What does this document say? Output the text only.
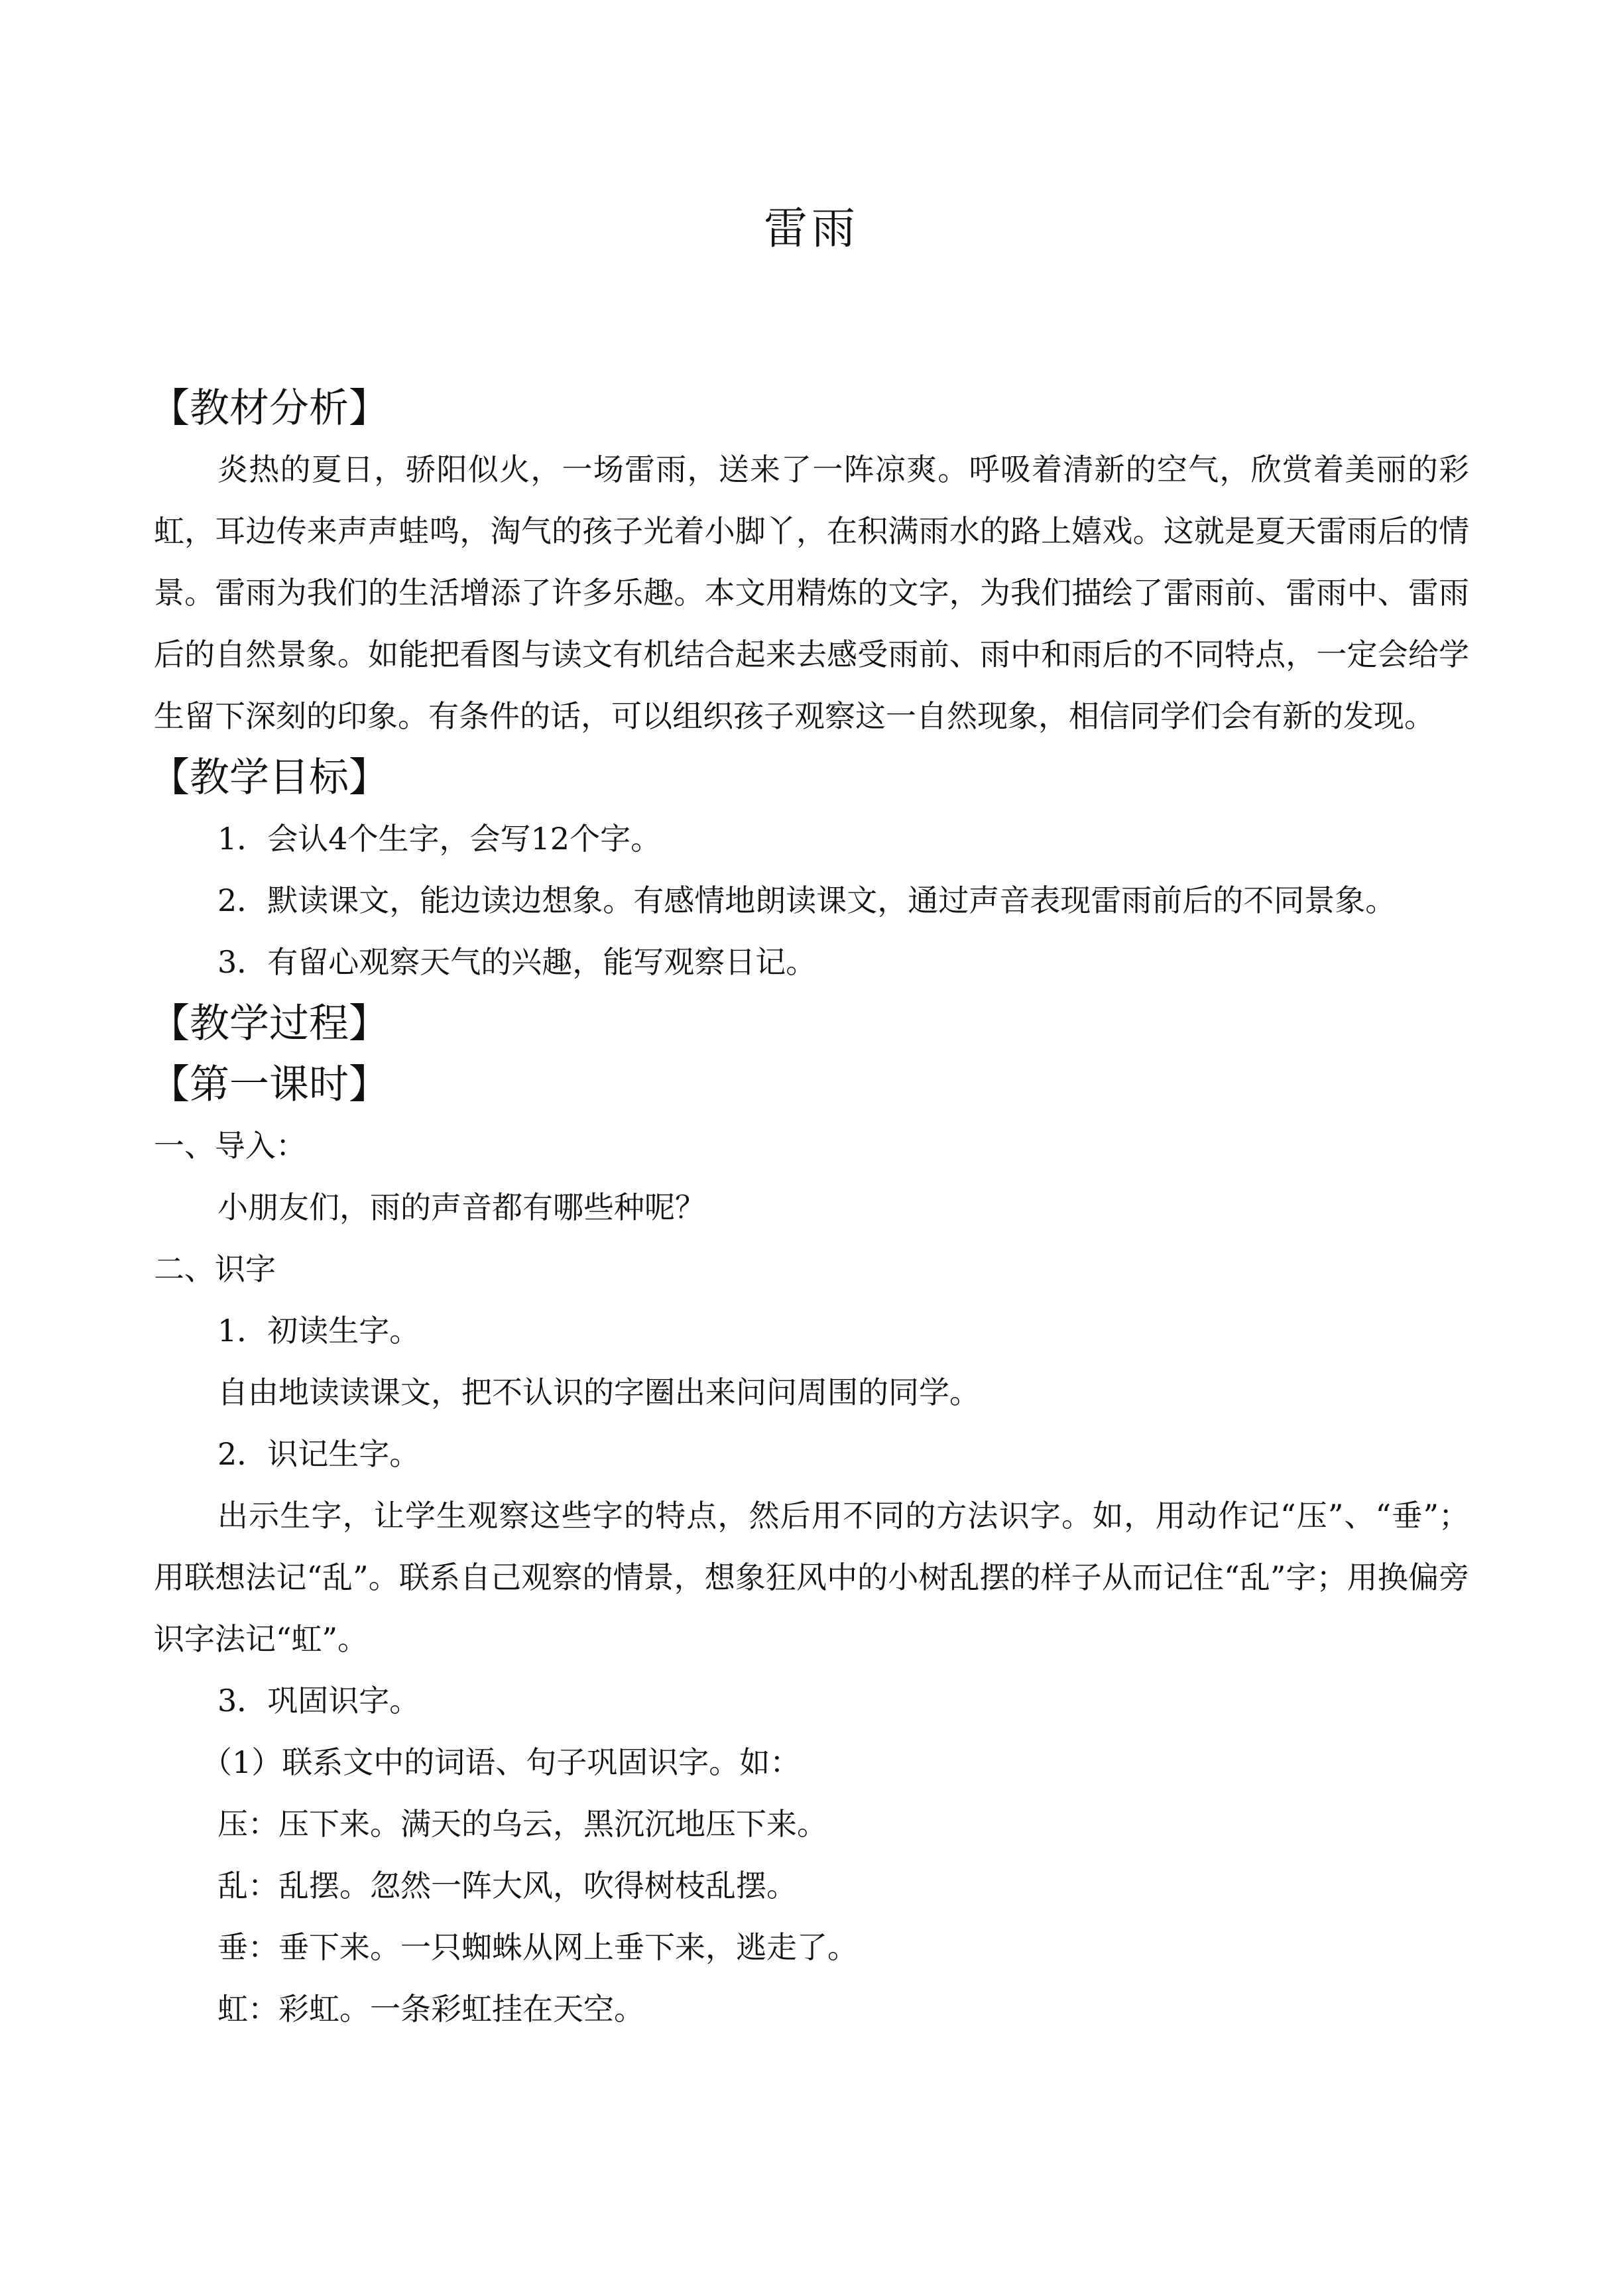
雷雨

【教材分析】

炎热的夏日，骄阳似火，一场雷雨，送来了一阵凉爽。呼吸着清新的空气，欣赏着美丽的彩虹，耳边传来声声蛙鸣，淘气的孩子光着小脚丫，在积满雨水的路上嬉戏。这就是夏天雷雨后的情景。雷雨为我们的生活增添了许多乐趣。本文用精炼的文字，为我们描绘了雷雨前、雷雨中、雷雨后的自然景象。如能把看图与读文有机结合起来去感受雨前、雨中和雨后的不同特点，一定会给学生留下深刻的印象。有条件的话，可以组织孩子观察这一自然现象，相信同学们会有新的发现。

【教学目标】

1．会认4个生字，会写12个字。

2．默读课文，能边读边想象。有感情地朗读课文，通过声音表现雷雨前后的不同景象。

3．有留心观察天气的兴趣，能写观察日记。

【教学过程】

【第一课时】

一、导入：

小朋友们，雨的声音都有哪些种呢？

二、识字

1．初读生字。

自由地读读课文，把不认识的字圈出来问问周围的同学。

2．识记生字。

出示生字，让学生观察这些字的特点，然后用不同的方法识字。如，用动作记“压”、“垂”；用联想法记“乱”。联系自己观察的情景，想象狂风中的小树乱摆的样子从而记住“乱”字；用换偏旁识字法记“虹”。

3．巩固识字。

（1）联系文中的词语、句子巩固识字。如：

压：压下来。满天的乌云，黑沉沉地压下来。

乱：乱摆。忽然一阵大风，吹得树枝乱摆。

垂：垂下来。一只蜘蛛从网上垂下来，逃走了。

虹：彩虹。一条彩虹挂在天空。
